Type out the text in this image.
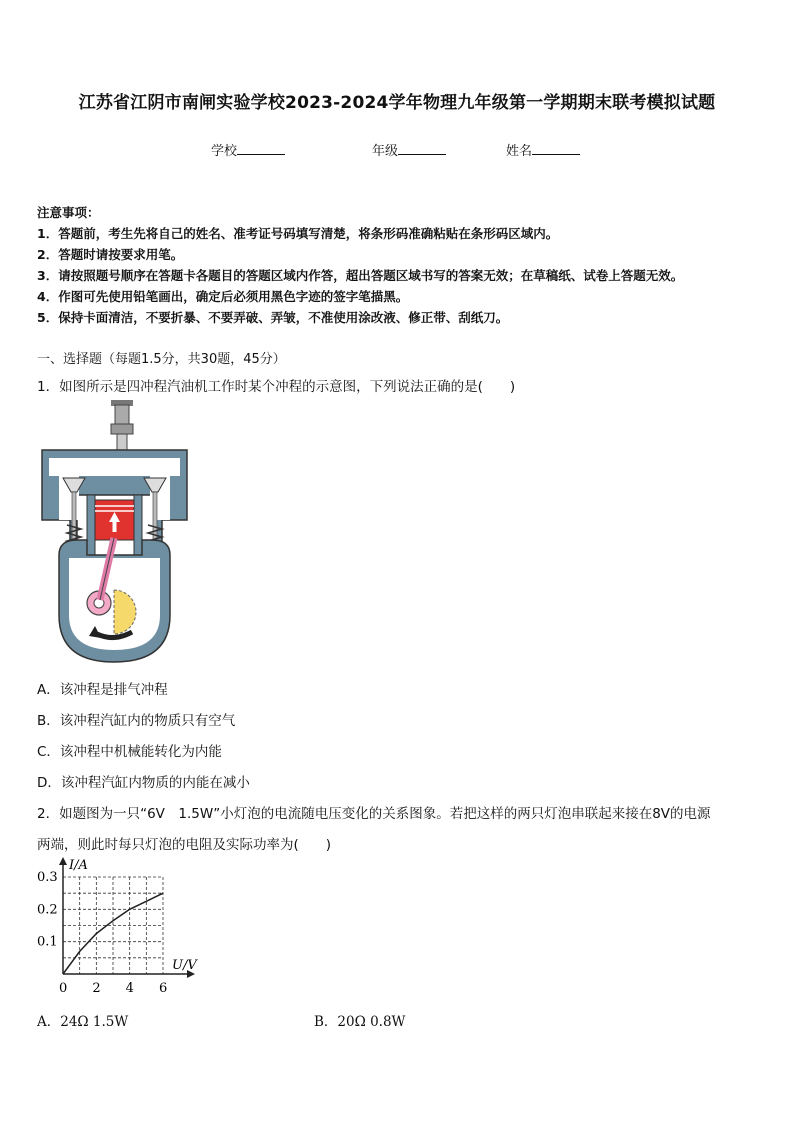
江苏省江阴市南闸实验学校2023-2024学年物理九年级第一学期期末联考模拟试题
学校	年级	姓名
注意事项：
1．答题前，考生先将自己的姓名、准考证号码填写清楚，将条形码准确粘贴在条形码区域内。
2．答题时请按要求用笔。
3．请按照题号顺序在答题卡各题目的答题区域内作答，超出答题区域书写的答案无效；在草稿纸、试卷上答题无效。
4．作图可先使用铅笔画出，确定后必须用黑色字迹的签字笔描黑。
5．保持卡面清洁，不要折暴、不要弄破、弄皱，不准使用涂改液、修正带、刮纸刀。
一、选择题（每题1.5分，共30题，45分）
1．如图所示是四冲程汽油机工作时某个冲程的示意图，下列说法正确的是(　　)
A．该冲程是排气冲程
B．该冲程汽缸内的物质只有空气
C．该冲程中机械能转化为内能
D．该冲程汽缸内物质的内能在减小
2．如题图为一只“6V　1.5W”小灯泡的电流随电压变化的关系图象。若把这样的两只灯泡串联起来接在8V的电源
两端，则此时每只灯泡的电阻及实际功率为(　　)
0 2 4 6
0.1
0.2
0.3
I/A
U/V
A．24Ω 1.5W	B．20Ω 0.8W
